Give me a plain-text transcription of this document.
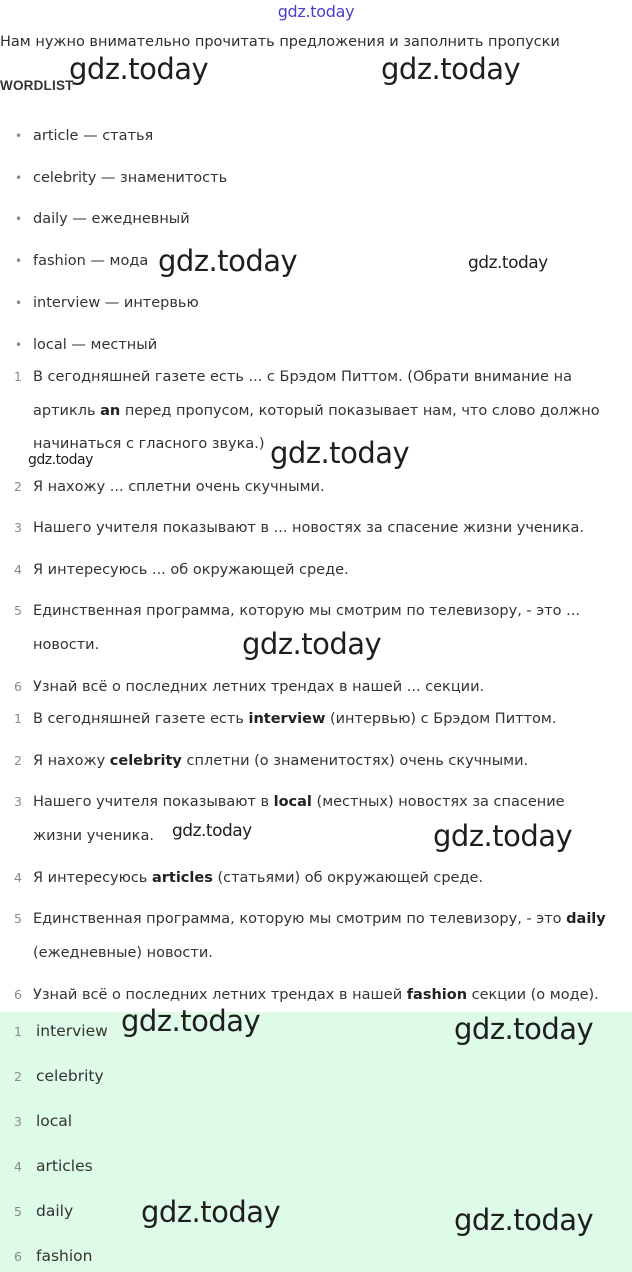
gdz.today
Нам нужно внимательно прочитать предложения и заполнить пропуски
WORDLIST
• article — статья
• celebrity — знаменитость
• daily — ежедневный
• fashion — мода
• interview — интервью
• local — местный
1 В сегодняшней газете есть ... с Брэдом Питтом. (Обрати внимание на
артикль an перед пропусом, который показывает нам, что слово должно
начинаться с гласного звука.)
2 Я нахожу ... сплетни очень скучными.
3 Нашего учителя показывают в ... новостях за спасение жизни ученика.
4 Я интересуюсь ... об окружающей среде.
5 Единственная программа, которую мы смотрим по телевизору, - это ...
новости.
6 Узнай всё о последних летних трендах в нашей ... секции.
1 В сегодняшней газете есть interview (интервью) с Брэдом Питтом.
2 Я нахожу celebrity сплетни (о знаменитостях) очень скучными.
3 Нашего учителя показывают в local (местных) новостях за спасение
жизни ученика.
4 Я интересуюсь articles (статьями) об окружающей среде.
5 Единственная программа, которую мы смотрим по телевизору, - это daily
(ежедневные) новости.
6 Узнай всё о последних летних трендах в нашей fashion секции (о моде).
1 interview
2 celebrity
3 local
4 articles
5 daily
6 fashion
gdz.today	gdz.today
gdz.today	gdz.today
gdz.today
gdz.today
gdz.today
gdz.today	gdz.today
gdz.today	gdz.today
gdz.today	gdz.today
